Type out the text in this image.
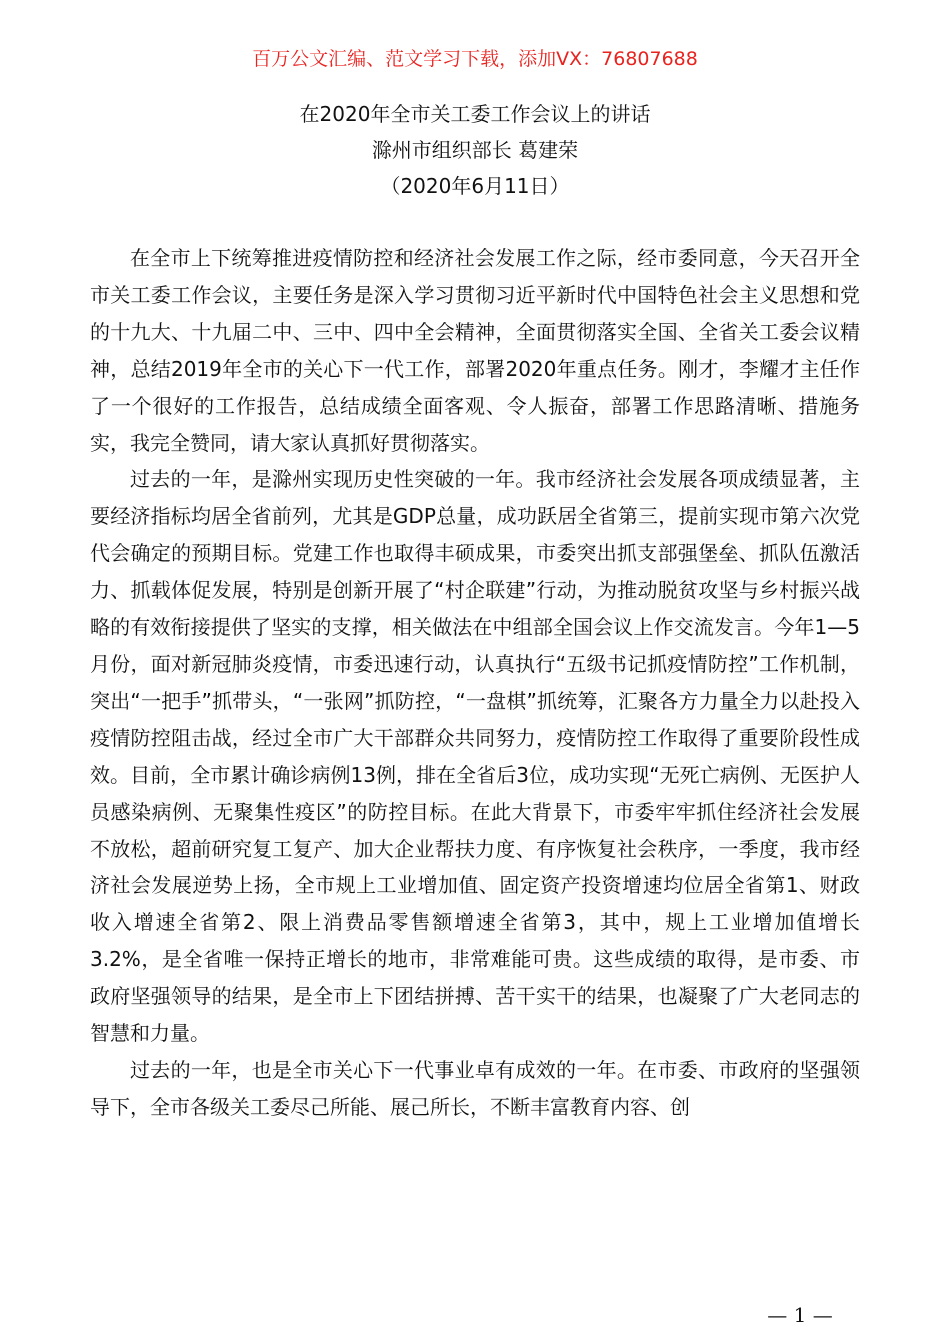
百万公文汇编、范文学习下载，添加VX：76807688
在2020年全市关工委工作会议上的讲话
滁州市组织部长 葛建荣
（2020年6月11日）

在全市上下统筹推进疫情防控和经济社会发展工作之际，经市委同意，今天召开全市关工委工作会议，主要任务是深入学习贯彻习近平新时代中国特色社会主义思想和党的十九大、十九届二中、三中、四中全会精神，全面贯彻落实全国、全省关工委会议精神，总结2019年全市的关心下一代工作，部署2020年重点任务。刚才，李耀才主任作了一个很好的工作报告，总结成绩全面客观、令人振奋，部署工作思路清晰、措施务实，我完全赞同，请大家认真抓好贯彻落实。

过去的一年，是滁州实现历史性突破的一年。我市经济社会发展各项成绩显著，主要经济指标均居全省前列，尤其是GDP总量，成功跃居全省第三，提前实现市第六次党代会确定的预期目标。党建工作也取得丰硕成果，市委突出抓支部强堡垒、抓队伍激活力、抓载体促发展，特别是创新开展了“村企联建”行动，为推动脱贫攻坚与乡村振兴战略的有效衔接提供了坚实的支撑，相关做法在中组部全国会议上作交流发言。今年1—5月份，面对新冠肺炎疫情，市委迅速行动，认真执行“五级书记抓疫情防控”工作机制，突出“一把手”抓带头，“一张网”抓防控，“一盘棋”抓统筹，汇聚各方力量全力以赴投入疫情防控阻击战，经过全市广大干部群众共同努力，疫情防控工作取得了重要阶段性成效。目前，全市累计确诊病例13例，排在全省后3位，成功实现“无死亡病例、无医护人员感染病例、无聚集性疫区”的防控目标。在此大背景下，市委牢牢抓住经济社会发展不放松，超前研究复工复产、加大企业帮扶力度、有序恢复社会秩序，一季度，我市经济社会发展逆势上扬，全市规上工业增加值、固定资产投资增速均位居全省第1、财政收入增速全省第2、限上消费品零售额增速全省第3，其中，规上工业增加值增长3.2%，是全省唯一保持正增长的地市，非常难能可贵。这些成绩的取得，是市委、市政府坚强领导的结果，是全市上下团结拼搏、苦干实干的结果，也凝聚了广大老同志的智慧和力量。

过去的一年，也是全市关心下一代事业卓有成效的一年。在市委、市政府的坚强领导下，全市各级关工委尽己所能、展己所长，不断丰富教育内容、创

— 1 —
